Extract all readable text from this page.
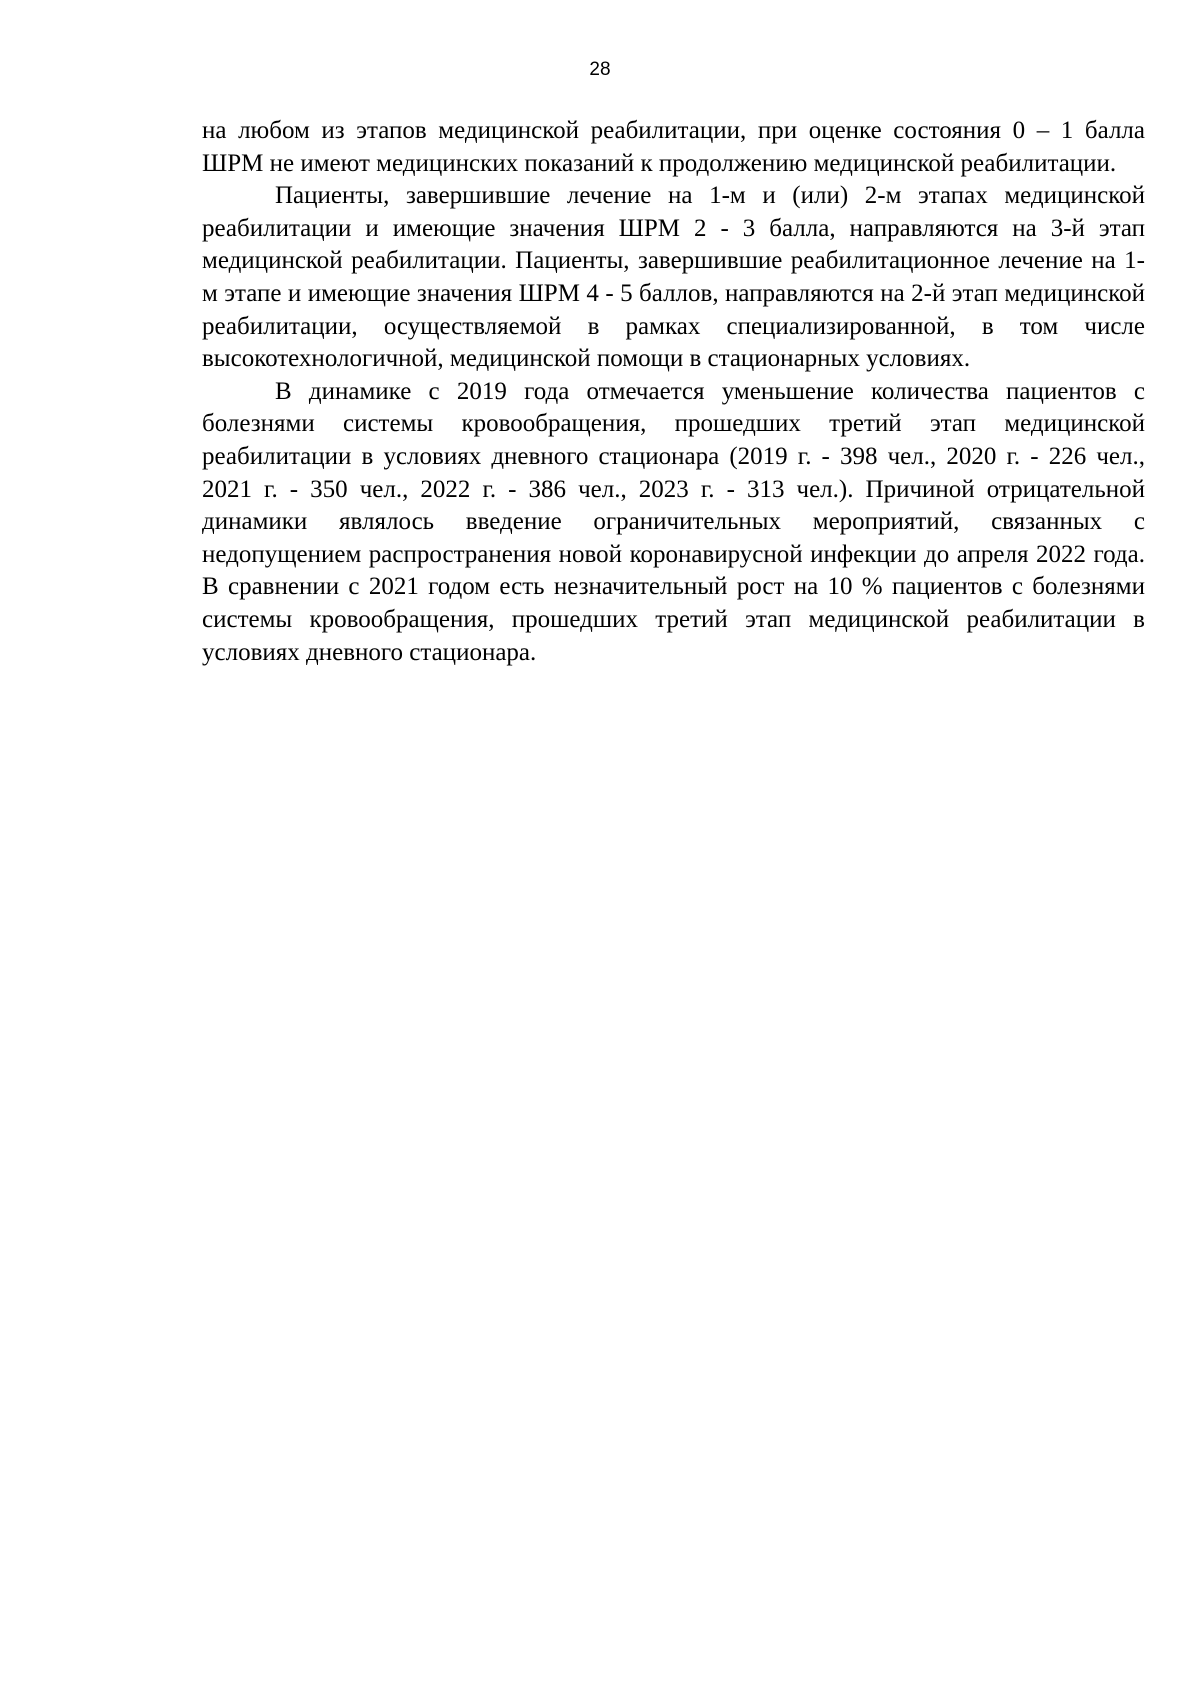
28

на любом из этапов медицинской реабилитации, при оценке состояния 0 – 1 балла ШРМ не имеют медицинских показаний к продолжению медицинской реабилитации.

Пациенты, завершившие лечение на 1-м и (или) 2-м этапах медицинской реабилитации и имеющие значения ШРМ 2 - 3 балла, направляются на 3-й этап медицинской реабилитации. Пациенты, завершившие реабилитационное лечение на 1-м этапе и имеющие значения ШРМ 4 - 5 баллов, направляются на 2-й этап медицинской реабилитации, осуществляемой в рамках специализированной, в том числе высокотехнологичной, медицинской помощи в стационарных условиях.

В динамике с 2019 года отмечается уменьшение количества пациентов с болезнями системы кровообращения, прошедших третий этап медицинской реабилитации в условиях дневного стационара (2019 г. - 398 чел., 2020 г. - 226 чел., 2021 г. - 350 чел., 2022 г. - 386 чел., 2023 г. - 313 чел.). Причиной отрицательной динамики являлось введение ограничительных мероприятий, связанных с недопущением распространения новой коронавирусной инфекции до апреля 2022 года. В сравнении с 2021 годом есть незначительный рост на 10 % пациентов с болезнями системы кровообращения, прошедших третий этап медицинской реабилитации в условиях дневного стационара.
